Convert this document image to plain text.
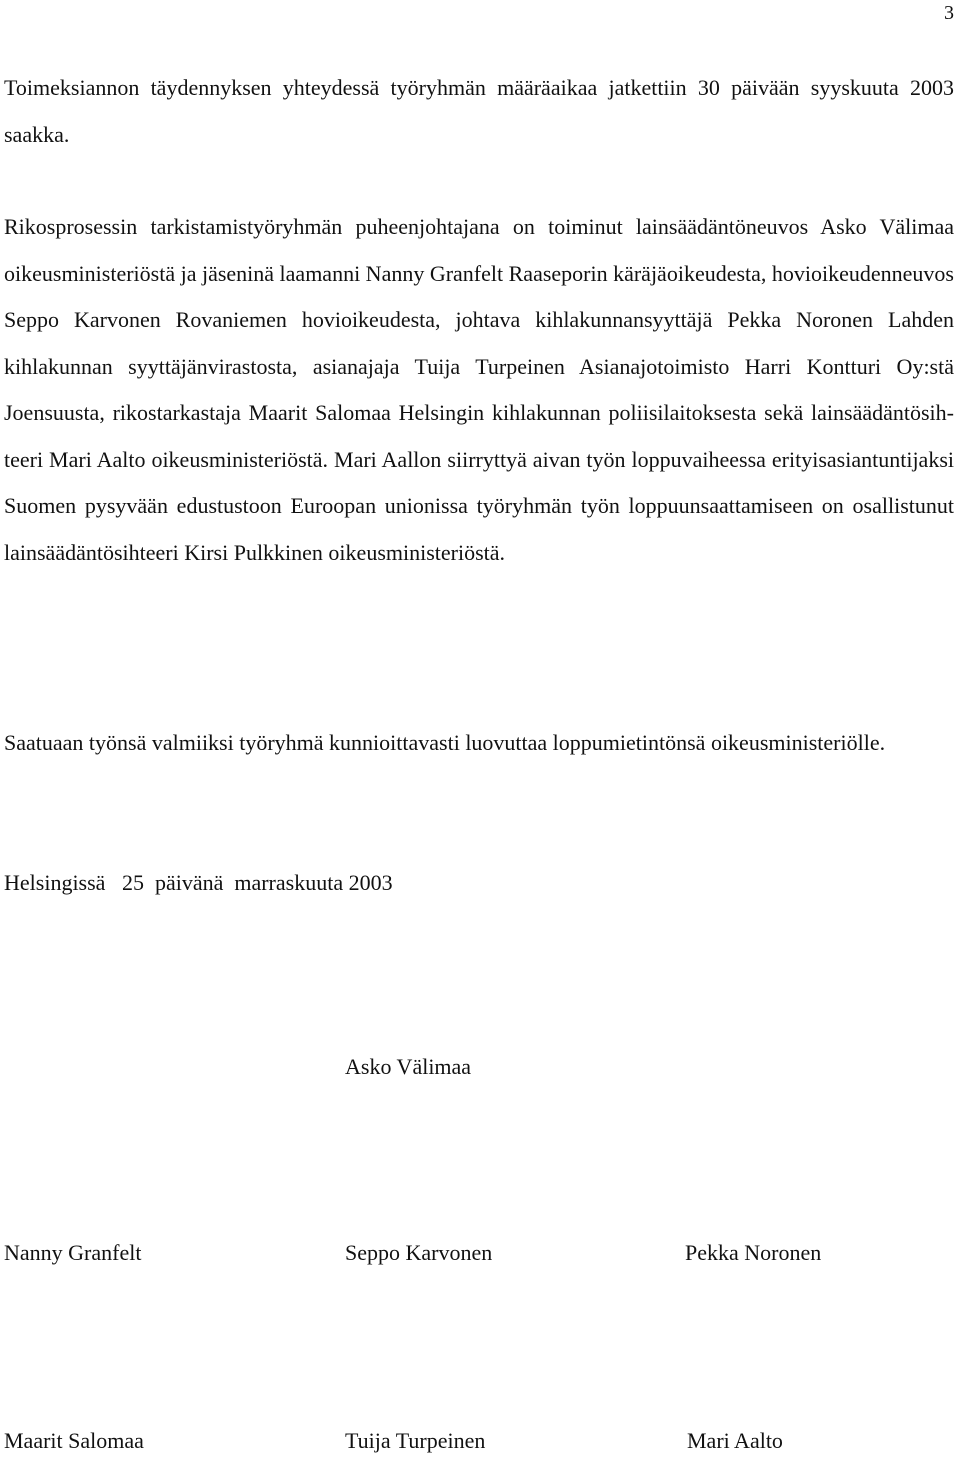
3

Toimeksiannon täydennyksen yhteydessä työryhmän määräaikaa jatkettiin 30 päivään syyskuuta 2003 saakka.

Rikosprosessin tarkistamistyöryhmän puheenjohtajana on toiminut lainsäädäntöneuvos Asko Välimaa oikeusministeriöstä ja jäseninä laamanni Nanny Granfelt Raaseporin käräjäoikeudesta, hovioikeudenneuvos Seppo Karvonen Rovaniemen hovioikeudesta, johtava kihlakunnansyyttäjä Pekka Noronen Lahden kihlakunnan syyttäjänvirastosta, asianajaja Tuija Turpeinen Asianajotoimisto Harri Kontturi Oy:stä Joensuusta, rikostarkastaja Maarit Salomaa Helsingin kihlakunnan poliisilaitoksesta sekä lainsäädäntösihteeri Mari Aalto oikeusministeriöstä. Mari Aallon siirryttyä aivan työn loppuvaiheessa erityisasiantuntijaksi Suomen pysyvään edustustoon Euroopan unionissa työryhmän työn loppuunsaattamiseen on osallistunut lainsäädäntösihteeri Kirsi Pulkkinen oikeusministeriöstä.

Saatuaan työnsä valmiiksi työryhmä kunnioittavasti luovuttaa loppumietintönsä oikeusministeriölle.

Helsingissä   25  päivänä  marraskuuta 2003
Asko Välimaa
Nanny Granfelt	Seppo Karvonen	Pekka Noronen
Maarit Salomaa	Tuija Turpeinen	Mari Aalto
